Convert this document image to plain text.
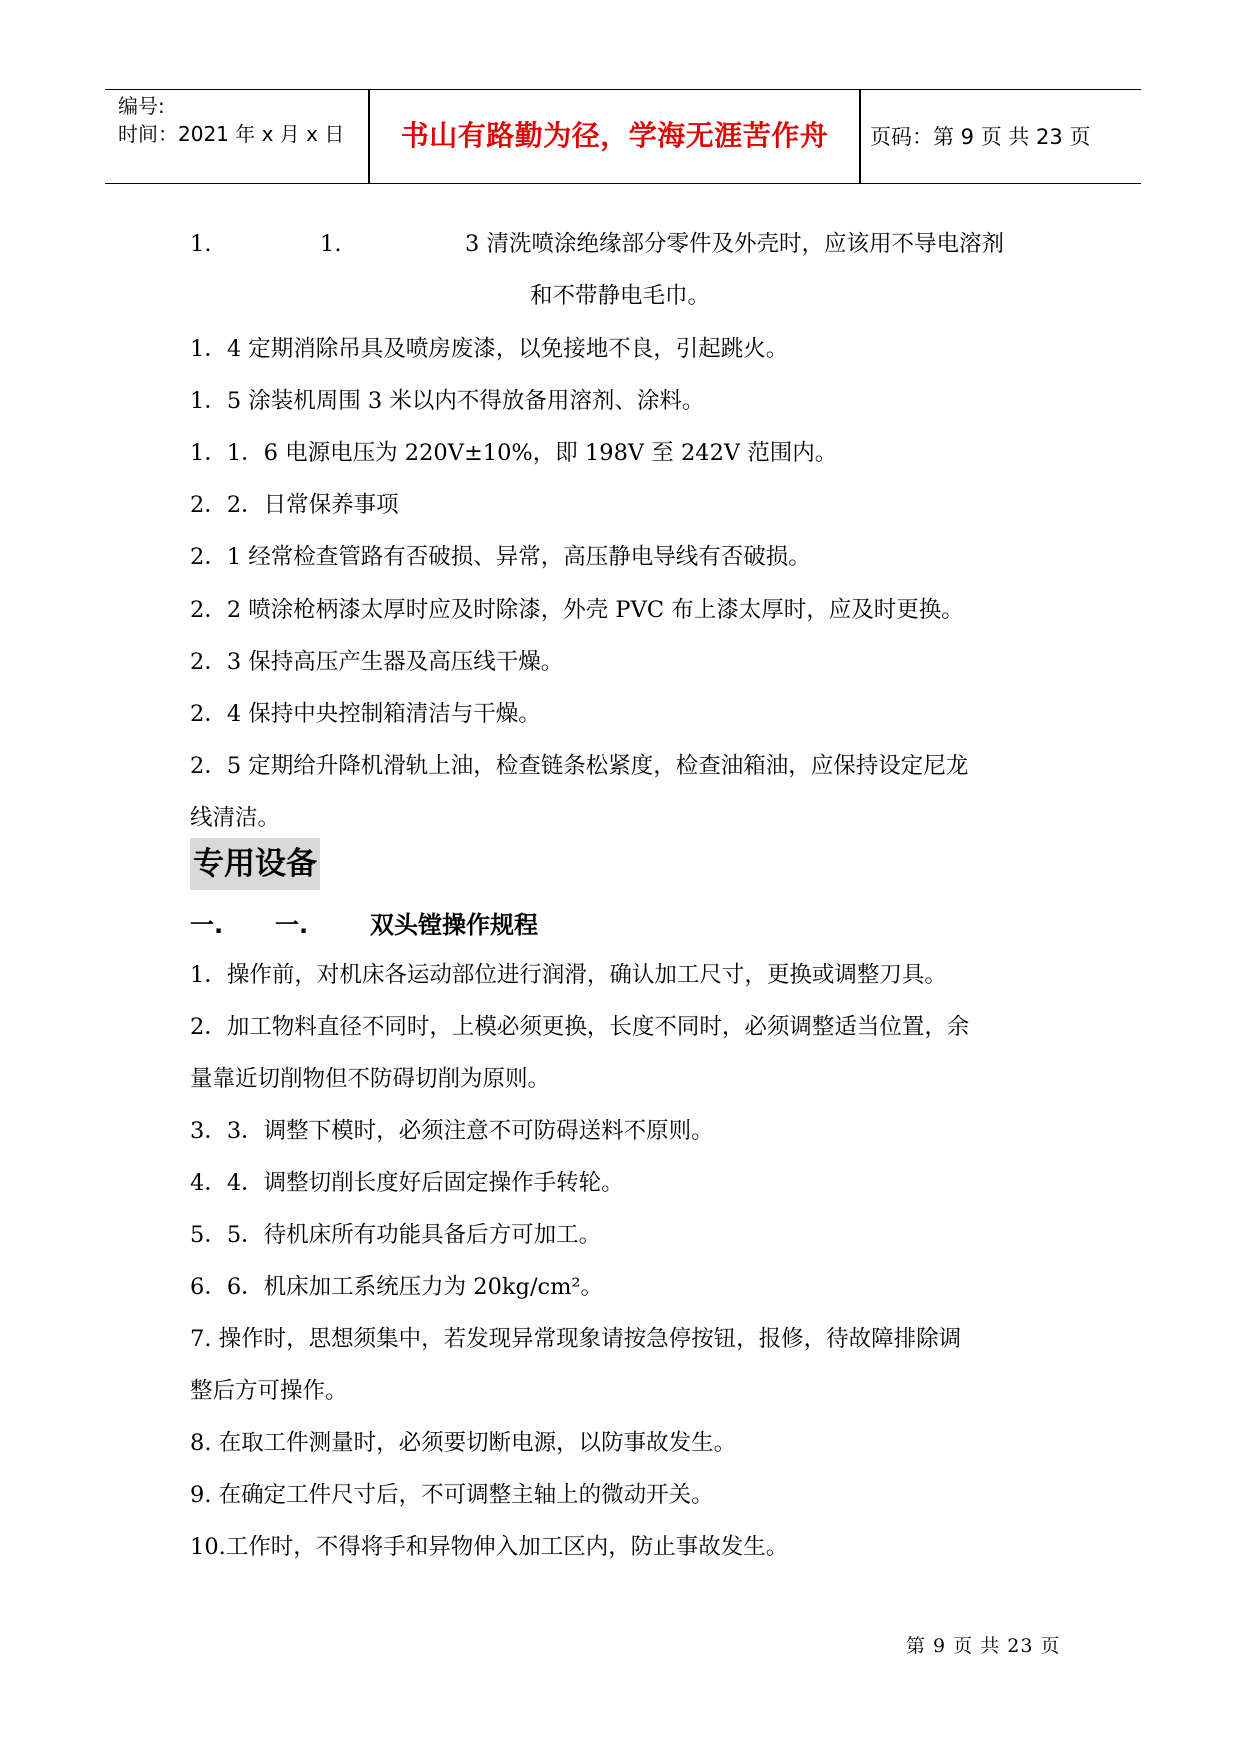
编号:
时间：2021 年 x 月 x 日	书山有路勤为径，学海无涯苦作舟	页码：第 9 页 共 23 页
1.	1.	3 清洗喷涂绝缘部分零件及外壳时，应该用不导电溶剂
和不带静电毛巾。
1．4 定期消除吊具及喷房废漆，以免接地不良，引起跳火。
1．5 涂装机周围 3 米以内不得放备用溶剂、涂料。
1．1．6 电源电压为 220V±10%，即 198V 至 242V 范围内。
2．2．日常保养事项
2．1 经常检查管路有否破损、异常，高压静电导线有否破损。
2．2 喷涂枪柄漆太厚时应及时除漆，外壳 PVC 布上漆太厚时，应及时更换。
2．3 保持高压产生器及高压线干燥。
2．4 保持中央控制箱清洁与干燥。
2．5 定期给升降机滑轨上油，检查链条松紧度，检查油箱油，应保持设定尼龙
线清洁。
一. 一.	双头镗操作规程
1．操作前，对机床各运动部位进行润滑，确认加工尺寸，更换或调整刀具。
2．加工物料直径不同时，上模必须更换，长度不同时，必须调整适当位置，余
量靠近切削物但不防碍切削为原则。
3．3．调整下模时，必须注意不可防碍送料不原则。
4．4．调整切削长度好后固定操作手转轮。
5．5．待机床所有功能具备后方可加工。
6．6．机床加工系统压力为 20kg/cm²。
7. 操作时，思想须集中，若发现异常现象请按急停按钮，报修，待故障排除调
整后方可操作。
8. 在取工件测量时，必须要切断电源，以防事故发生。
9. 在确定工件尺寸后，不可调整主轴上的微动开关。
10.工作时，不得将手和异物伸入加工区内，防止事故发生。
专用设备
第 9 页 共 23 页
